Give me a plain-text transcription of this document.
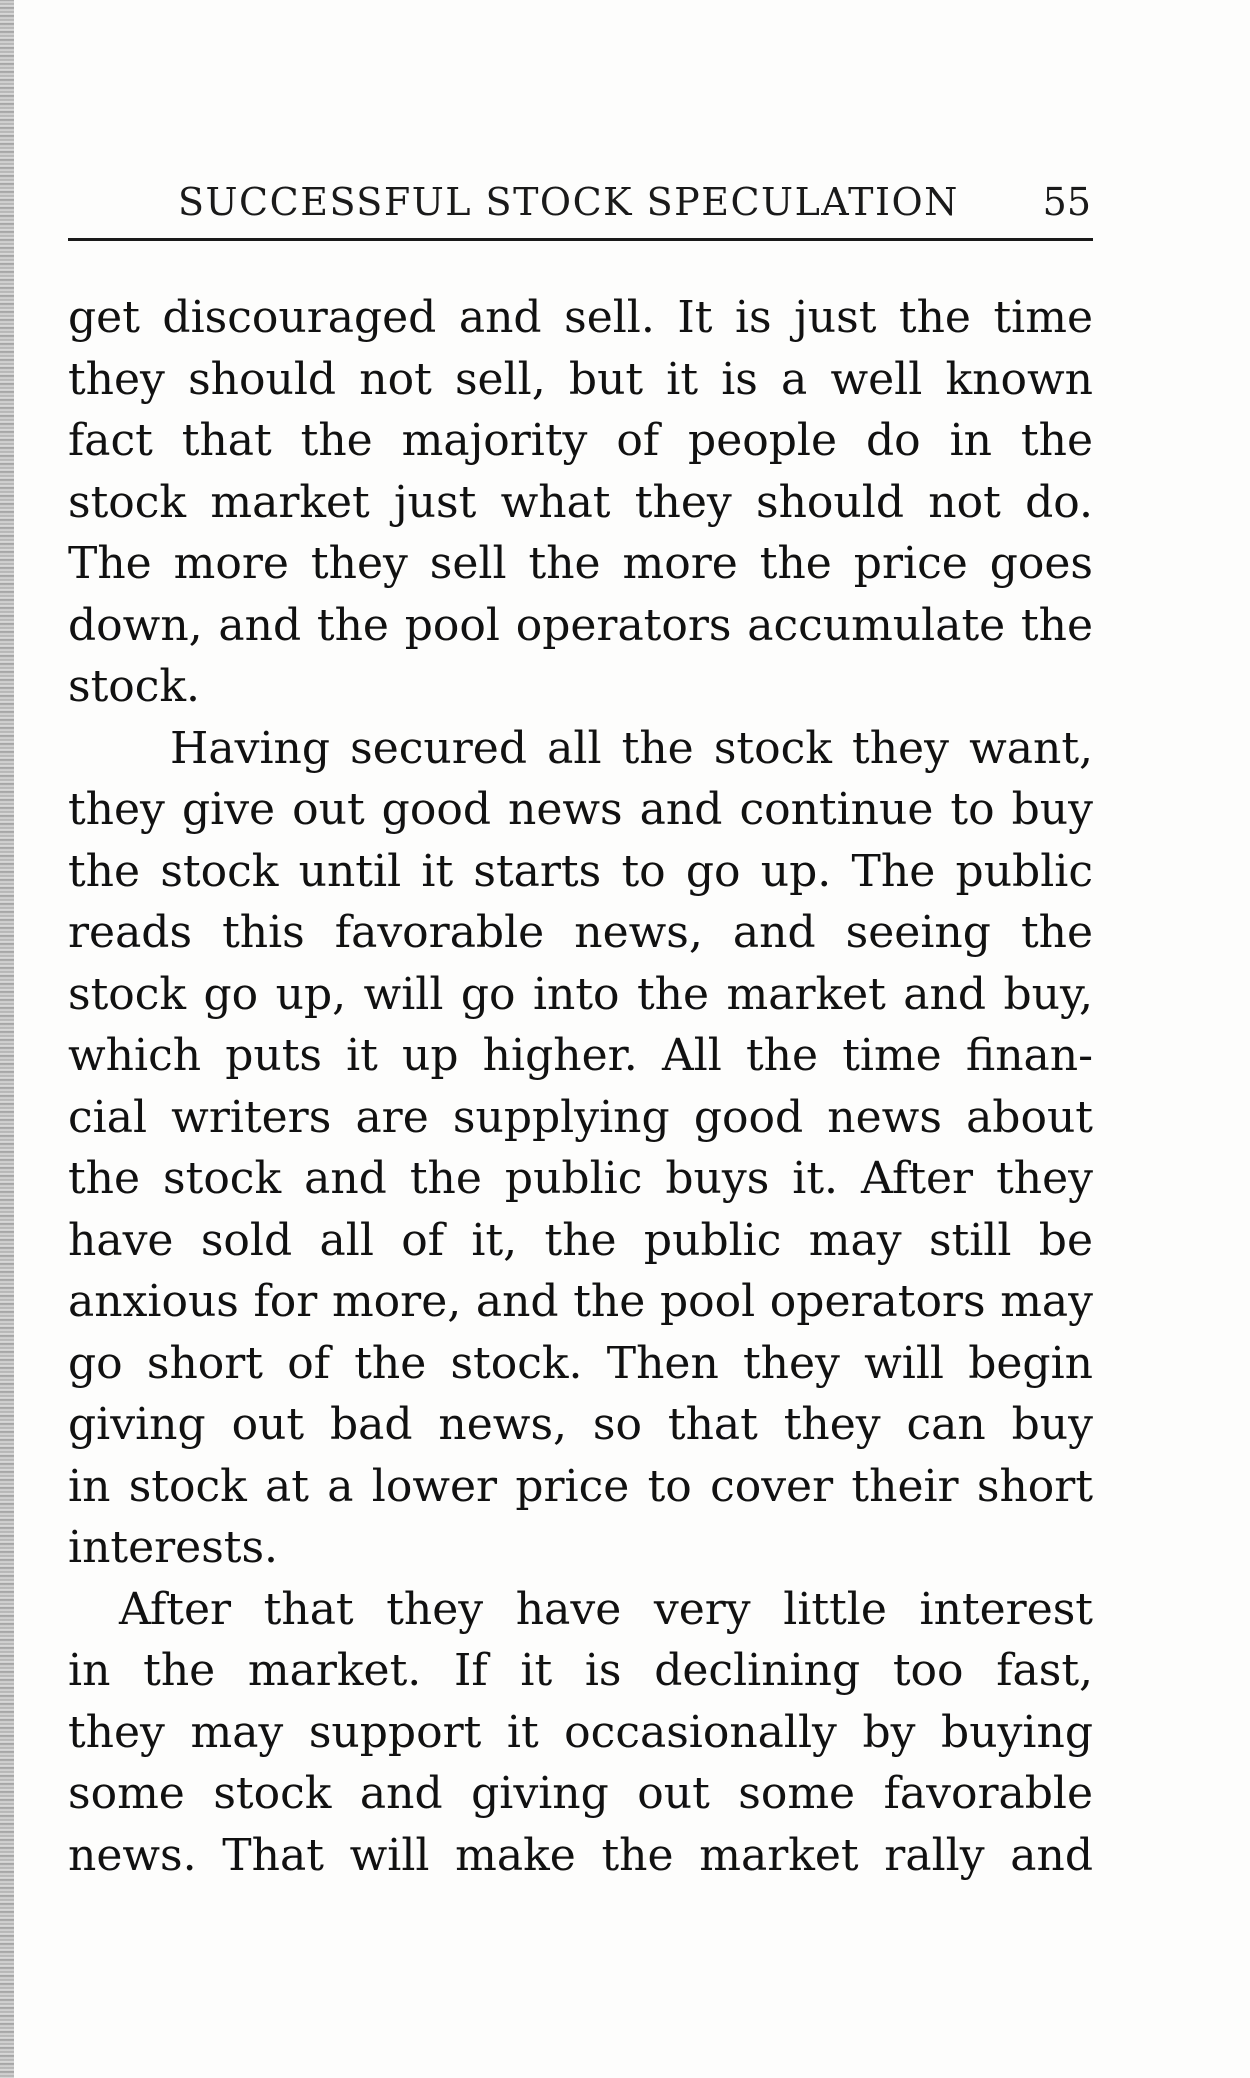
SUCCESSFUL STOCK SPECULATION 55
get discouraged and sell. It is just the time
they should not sell, but it is a well known
fact that the majority of people do in the
stock market just what they should not do.
The more they sell the more the price goes
down, and the pool operators accumulate the
stock.
Having secured all the stock they want,
they give out good news and continue to buy
the stock until it starts to go up. The public
reads this favorable news, and seeing the
stock go up, will go into the market and buy,
which puts it up higher. All the time finan-
cial writers are supplying good news about
the stock and the public buys it. After they
have sold all of it, the public may still be
anxious for more, and the pool operators may
go short of the stock. Then they will begin
giving out bad news, so that they can buy
in stock at a lower price to cover their short
interests.
After that they have very little interest
in the market. If it is declining too fast,
they may support it occasionally by buying
some stock and giving out some favorable
news. That will make the market rally and
